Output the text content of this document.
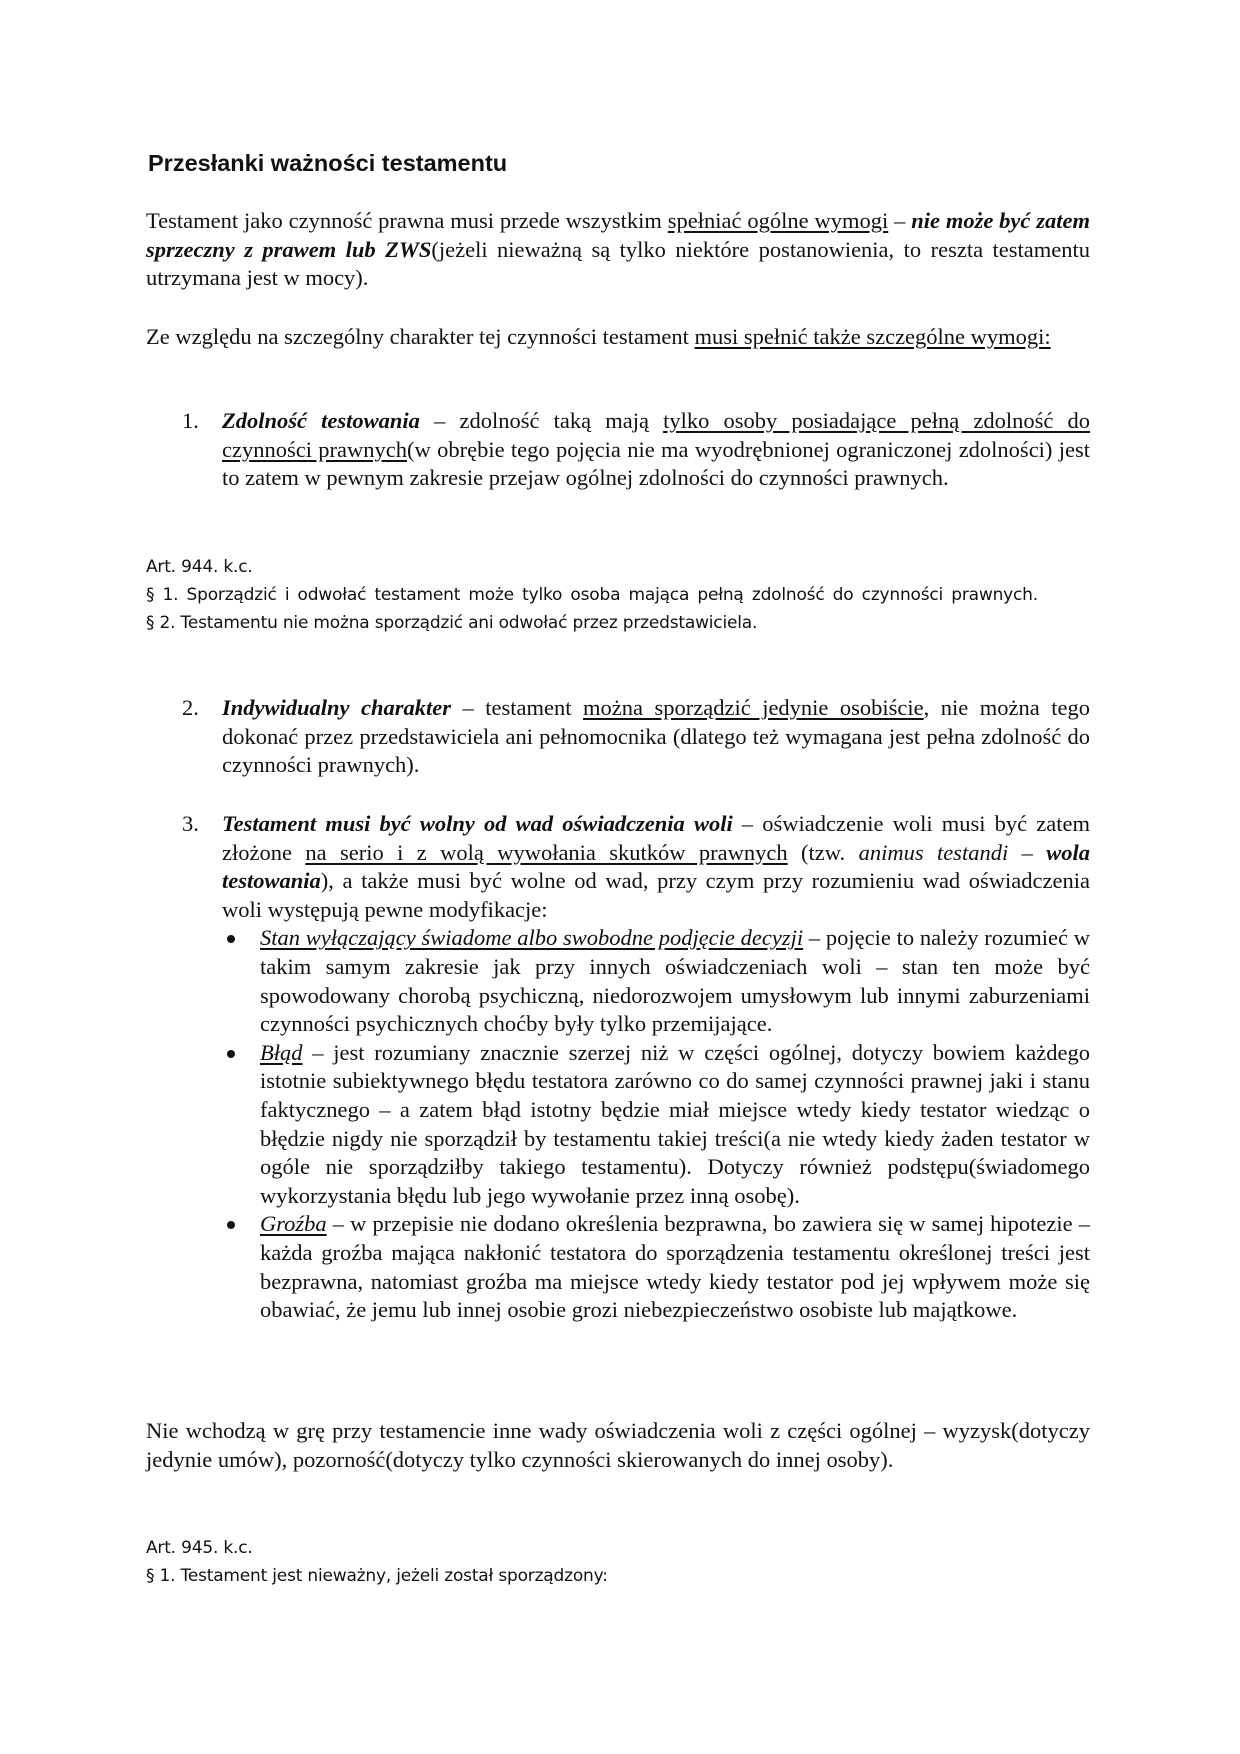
Przesłanki ważności testamentu
Testament jako czynność prawna musi przede wszystkim spełniać ogólne wymogi – nie może być zatem sprzeczny z prawem lub ZWS(jeżeli nieważną są tylko niektóre postanowienia, to reszta testamentu utrzymana jest w mocy).
Ze względu na szczególny charakter tej czynności testament musi spełnić także szczególne wymogi:
1. Zdolność testowania – zdolność taką mają tylko osoby posiadające pełną zdolność do czynności prawnych(w obrębie tego pojęcia nie ma wyodrębnionej ograniczonej zdolności) jest to zatem w pewnym zakresie przejaw ogólnej zdolności do czynności prawnych.
Art. 944. k.c.
§ 1. Sporządzić i odwołać testament może tylko osoba mająca pełną zdolność do czynności prawnych.
§ 2. Testamentu nie można sporządzić ani odwołać przez przedstawiciela.
2. Indywidualny charakter – testament można sporządzić jedynie osobiście, nie można tego dokonać przez przedstawiciela ani pełnomocnika (dlatego też wymagana jest pełna zdolność do czynności prawnych).
3. Testament musi być wolny od wad oświadczenia woli – oświadczenie woli musi być zatem złożone na serio i z wolą wywołania skutków prawnych (tzw. animus testandi – wola testowania), a także musi być wolne od wad, przy czym przy rozumieniu wad oświadczenia woli występują pewne modyfikacje:
Stan wyłączający świadome albo swobodne podjęcie decyzji – pojęcie to należy rozumieć w takim samym zakresie jak przy innych oświadczeniach woli – stan ten może być spowodowany chorobą psychiczną, niedorozwojem umysłowym lub innymi zaburzeniami czynności psychicznych choćby były tylko przemijające.
Błąd – jest rozumiany znacznie szerzej niż w części ogólnej, dotyczy bowiem każdego istotnie subiektywnego błędu testatora zarówno co do samej czynności prawnej jaki i stanu faktycznego – a zatem błąd istotny będzie miał miejsce wtedy kiedy testator wiedząc o błędzie nigdy nie sporządził by testamentu takiej treści(a nie wtedy kiedy żaden testator w ogóle nie sporządziłby takiego testamentu). Dotyczy również podstępu(świadomego wykorzystania błędu lub jego wywołanie przez inną osobę).
Groźba – w przepisie nie dodano określenia bezprawna, bo zawiera się w samej hipotezie – każda groźba mająca nakłonić testatora do sporządzenia testamentu określonej treści jest bezprawna, natomiast groźba ma miejsce wtedy kiedy testator pod jej wpływem może się obawiać, że jemu lub innej osobie grozi niebezpieczeństwo osobiste lub majątkowe.
Nie wchodzą w grę przy testamencie inne wady oświadczenia woli z części ogólnej – wyzysk(dotyczy jedynie umów), pozorność(dotyczy tylko czynności skierowanych do innej osoby).
Art. 945. k.c.
§ 1. Testament jest nieważny, jeżeli został sporządzony:
